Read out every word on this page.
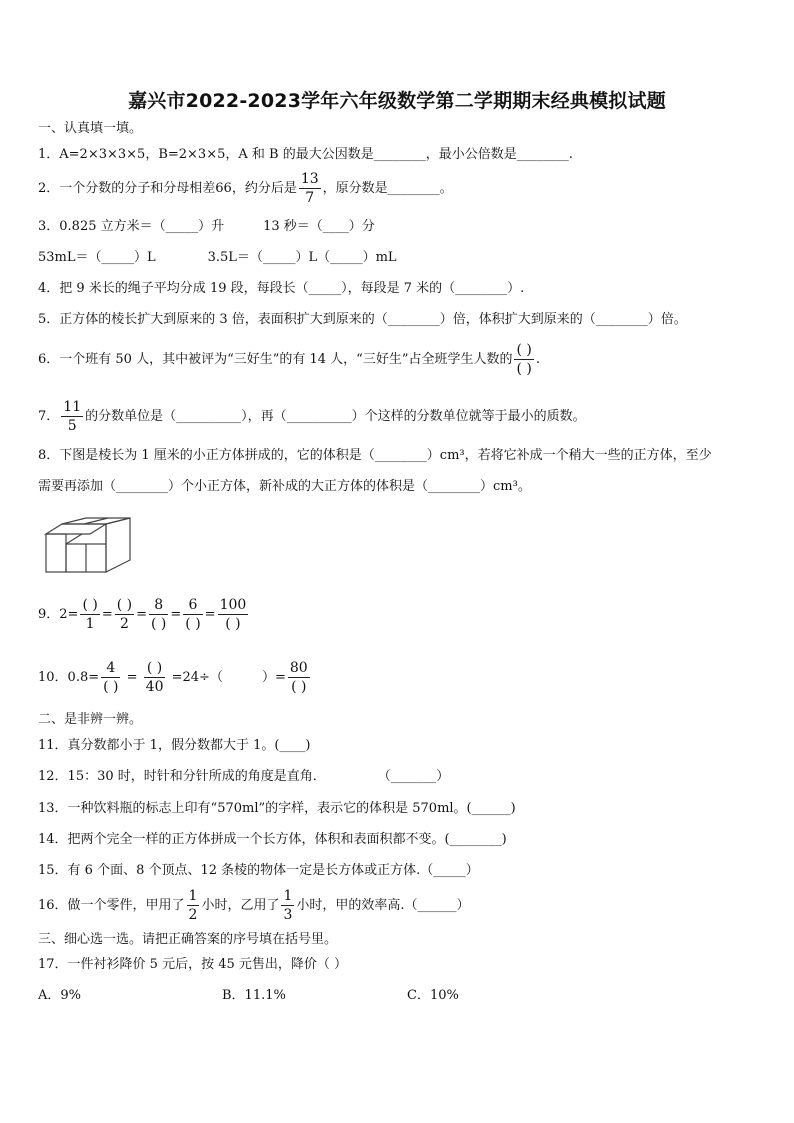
嘉兴市2022-2023学年六年级数学第二学期期末经典模拟试题
一、认真填一填。
1．A=2×3×3×5，B=2×3×5，A 和 B 的最大公因数是________，最小公倍数是________.
2．一个分数的分子和分母相差66，约分后是 $\frac{13}{7}$ ，原分数是________。
3．0.825 立方米＝（_____）升　　　13 秒＝（____）分
53mL＝（_____）L　　　　3.5L＝（_____）L（_____）mL
4．把 9 米长的绳子平均分成 19 段，每段长（_____），每段是 7 米的（________）.
5．正方体的棱长扩大到原来的 3 倍，表面积扩大到原来的（________）倍，体积扩大到原来的（________）倍。
6．一个班有 50 人，其中被评为“三好生”的有 14 人，“三好生”占全班学生人数的 $\frac{( )}{( )}$ .
7． $\frac{11}{5}$ 的分数单位是（__________），再（__________）个这样的分数单位就等于最小的质数。
8．下图是棱长为 1 厘米的小正方体拼成的，它的体积是（________）cm³，若将它补成一个稍大一些的正方体，至少
需要再添加（________）个小正方体，新补成的大正方体的体积是（________）cm³。
9．$2= \frac{( )}{1} = \frac{( )}{2} = \frac{8}{( )} = \frac{6}{( )} = \frac{100}{( )}$
10．$0.8= \frac{4}{( )} = \frac{( )}{40} =24\div$（　　　）= $\frac{80}{( )}$
二、是非辨一辨。
11．真分数都小于 1，假分数都大于 1。(____)
12．15：30 时，时针和分针所成的角度是直角．　　　　　（_______）
13．一种饮料瓶的标志上印有“570ml”的字样，表示它的体积是 570ml。(______)
14．把两个完全一样的正方体拼成一个长方体，体积和表面积都不变。(________)
15．有 6 个面、8 个顶点、12 条棱的物体一定是长方体或正方体.（_____）
16．做一个零件，甲用了 $\frac{1}{2}$ 小时，乙用了 $\frac{1}{3}$ 小时，甲的效率高.（______）
三、细心选一选。请把正确答案的序号填在括号里。
17．一件衬衫降价 5 元后，按 45 元售出，降价（ ）
A．9%	B．11.1%	C．10%
